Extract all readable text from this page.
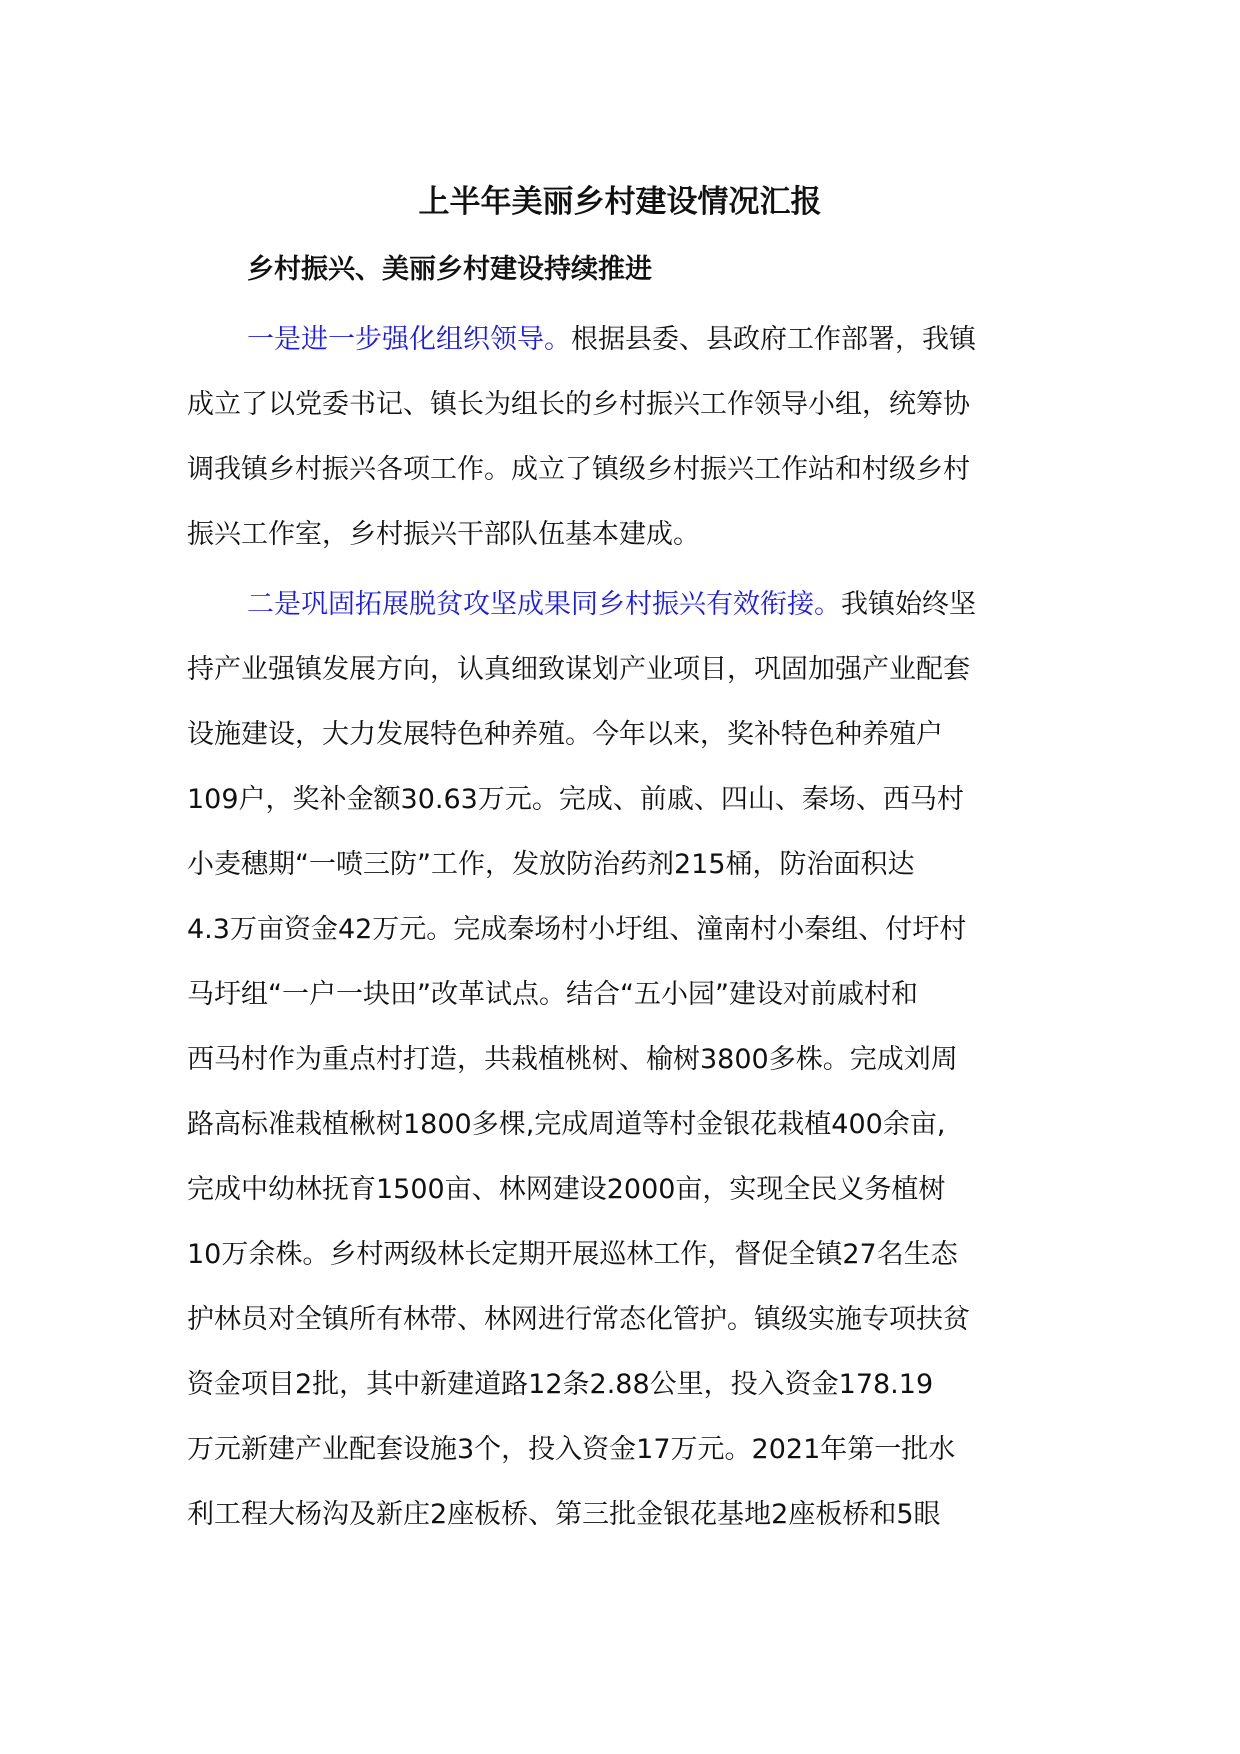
上半年美丽乡村建设情况汇报
乡村振兴、美丽乡村建设持续推进

一是进一步强化组织领导。根据县委、县政府工作部署，我镇

成立了以党委书记、镇长为组长的乡村振兴工作领导小组，统筹协

调我镇乡村振兴各项工作。成立了镇级乡村振兴工作站和村级乡村

振兴工作室，乡村振兴干部队伍基本建成。

二是巩固拓展脱贫攻坚成果同乡村振兴有效衔接。我镇始终坚

持产业强镇发展方向，认真细致谋划产业项目，巩固加强产业配套

设施建设，大力发展特色种养殖。今年以来，奖补特色种养殖户

109户，奖补金额30.63万元。完成、前戚、四山、秦场、西马村

小麦穗期“一喷三防”工作，发放防治药剂215桶，防治面积达

4.3万亩资金42万元。完成秦场村小圩组、潼南村小秦组、付圩村

马圩组“一户一块田”改革试点。结合“五小园”建设对前戚村和

西马村作为重点村打造，共栽植桃树、榆树3800多株。完成刘周

路高标准栽植楸树1800多棵,完成周道等村金银花栽植400余亩,

完成中幼林抚育1500亩、林网建设2000亩，实现全民义务植树

10万余株。乡村两级林长定期开展巡林工作，督促全镇27名生态

护林员对全镇所有林带、林网进行常态化管护。镇级实施专项扶贫

资金项目2批，其中新建道路12条2.88公里，投入资金178.19

万元新建产业配套设施3个，投入资金17万元。2021年第一批水

利工程大杨沟及新庄2座板桥、第三批金银花基地2座板桥和5眼
